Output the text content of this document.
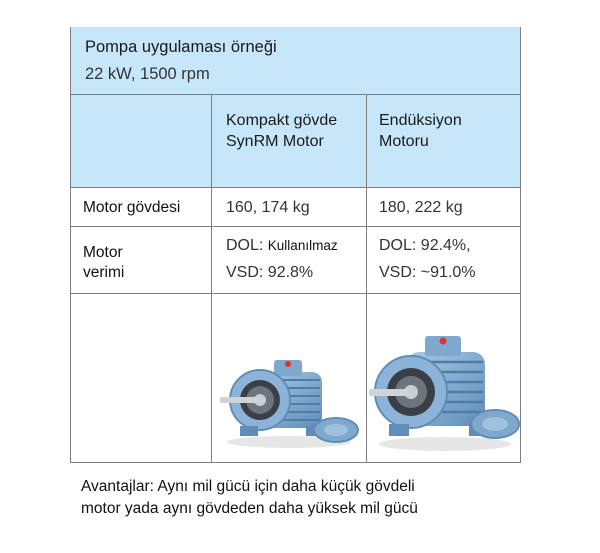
Pompa uygulaması örneği
22 kW, 1500 rpm
Kompakt gövde
SynRM Motor
Endüksiyon
Motoru
Motor gövdesi	160, 174 kg	180, 222 kg
Motor
verimi
DOL: Kullanılmaz
VSD: 92.8%
DOL: 92.4%,
VSD: ~91.0%
Avantajlar: Aynı mil gücü için daha küçük gövdeli
motor yada aynı gövdeden daha yüksek mil gücü
